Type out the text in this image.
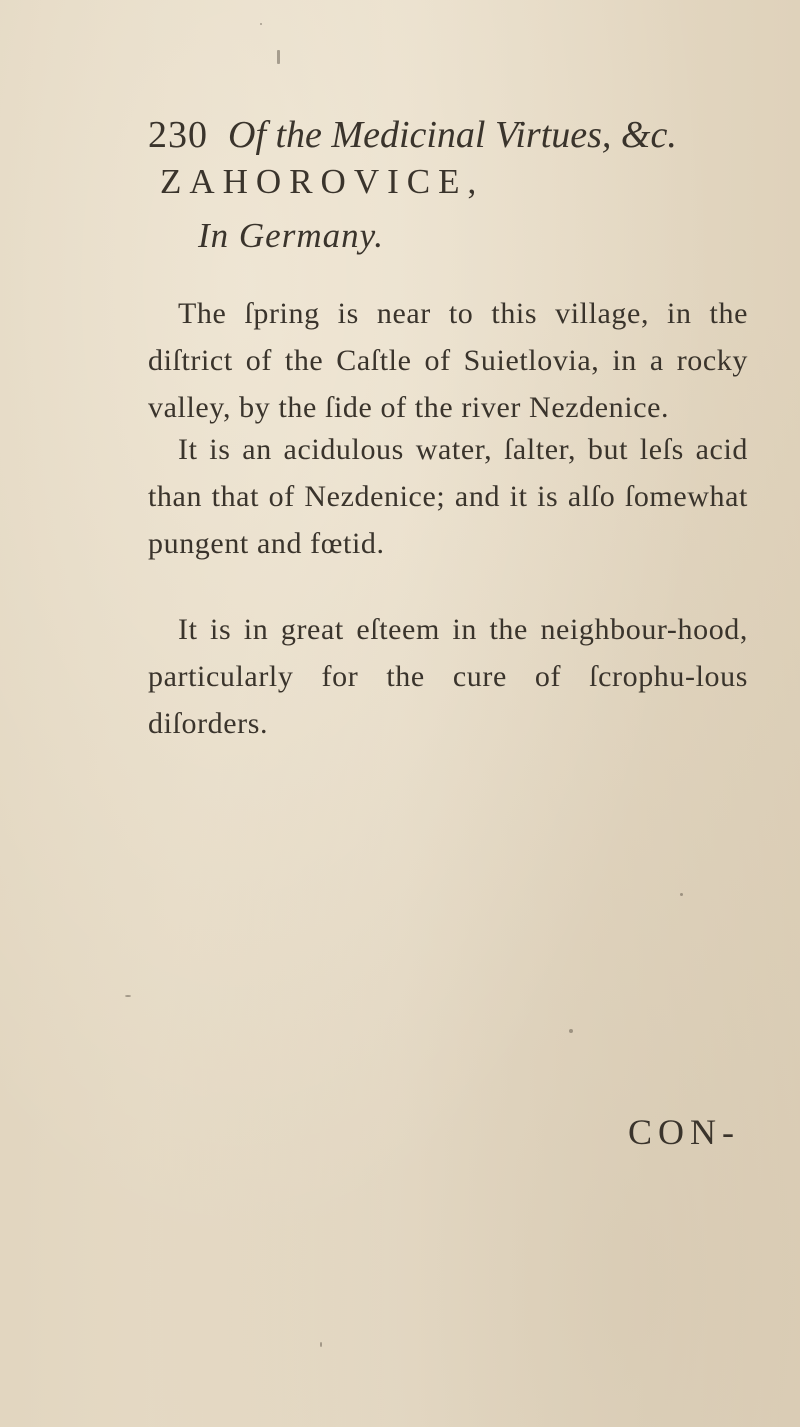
230 Of the Medicinal Virtues, &c.
ZAHOROVICE,
In Germany.

The ſpring is near to this village, in the diſtrict of the Caſtle of Suietlovia, in a rocky valley, by the ſide of the river Nezdenice.

It is an acidulous water, ſalter, but leſs acid than that of Nezdenice; and it is alſo ſomewhat pungent and fœtid.

It is in great eſteem in the neighbour-hood, particularly for the cure of ſcrophu-lous diſorders.

CON-
